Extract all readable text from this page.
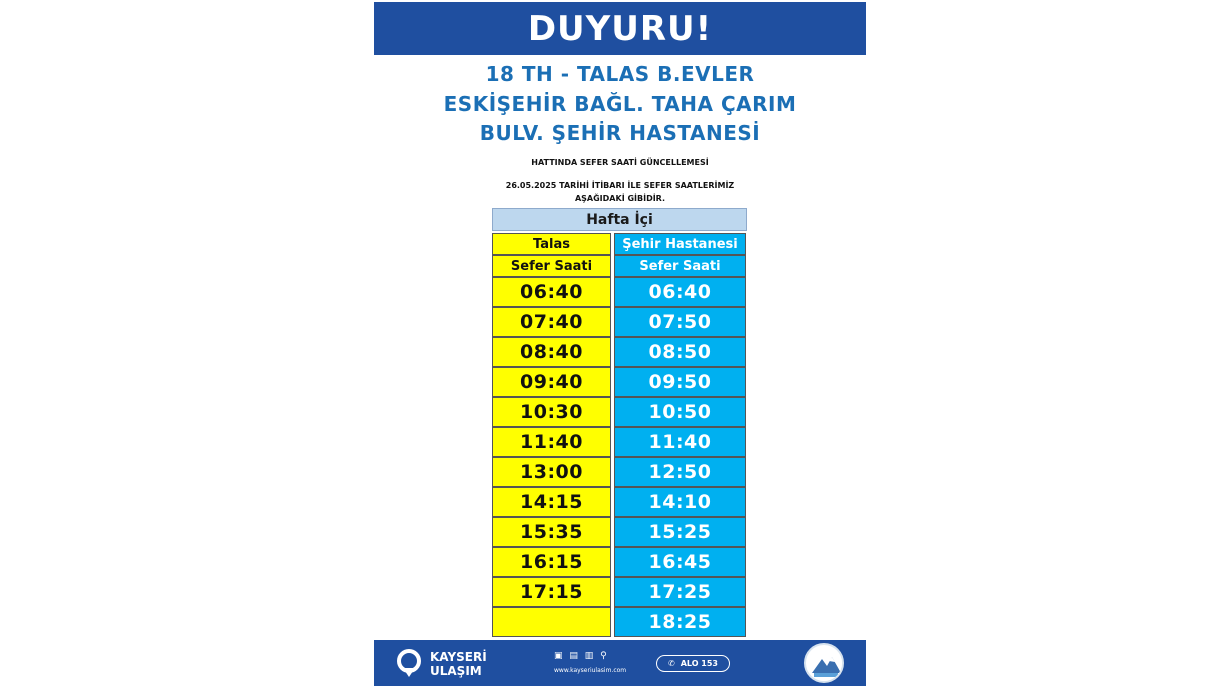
DUYURU!
18 TH - TALAS B.EVLER
ESKİŞEHİR BAĞL. TAHA ÇARIM
BULV. ŞEHİR HASTANESİ
HATTINDA SEFER SAATİ GÜNCELLEMESİ
26.05.2025 TARİHİ İTİBARI İLE SEFER SAATLERİMİZ
AŞAĞIDAKİ GİBİDİR.
Hafta İçi
Talas
Sefer Saati
06:40
07:40
08:40
09:40
10:30
11:40
13:00
14:15
15:35
16:15
17:15
Şehir Hastanesi
Sefer Saati
06:40
07:50
08:50
09:50
10:50
11:40
12:50
14:10
15:25
16:45
17:25
18:25
KAYSERİ
ULAŞIM
▣ ▤ ▥ ⚲
www.kayseriulasim.com
✆ ALO 153
